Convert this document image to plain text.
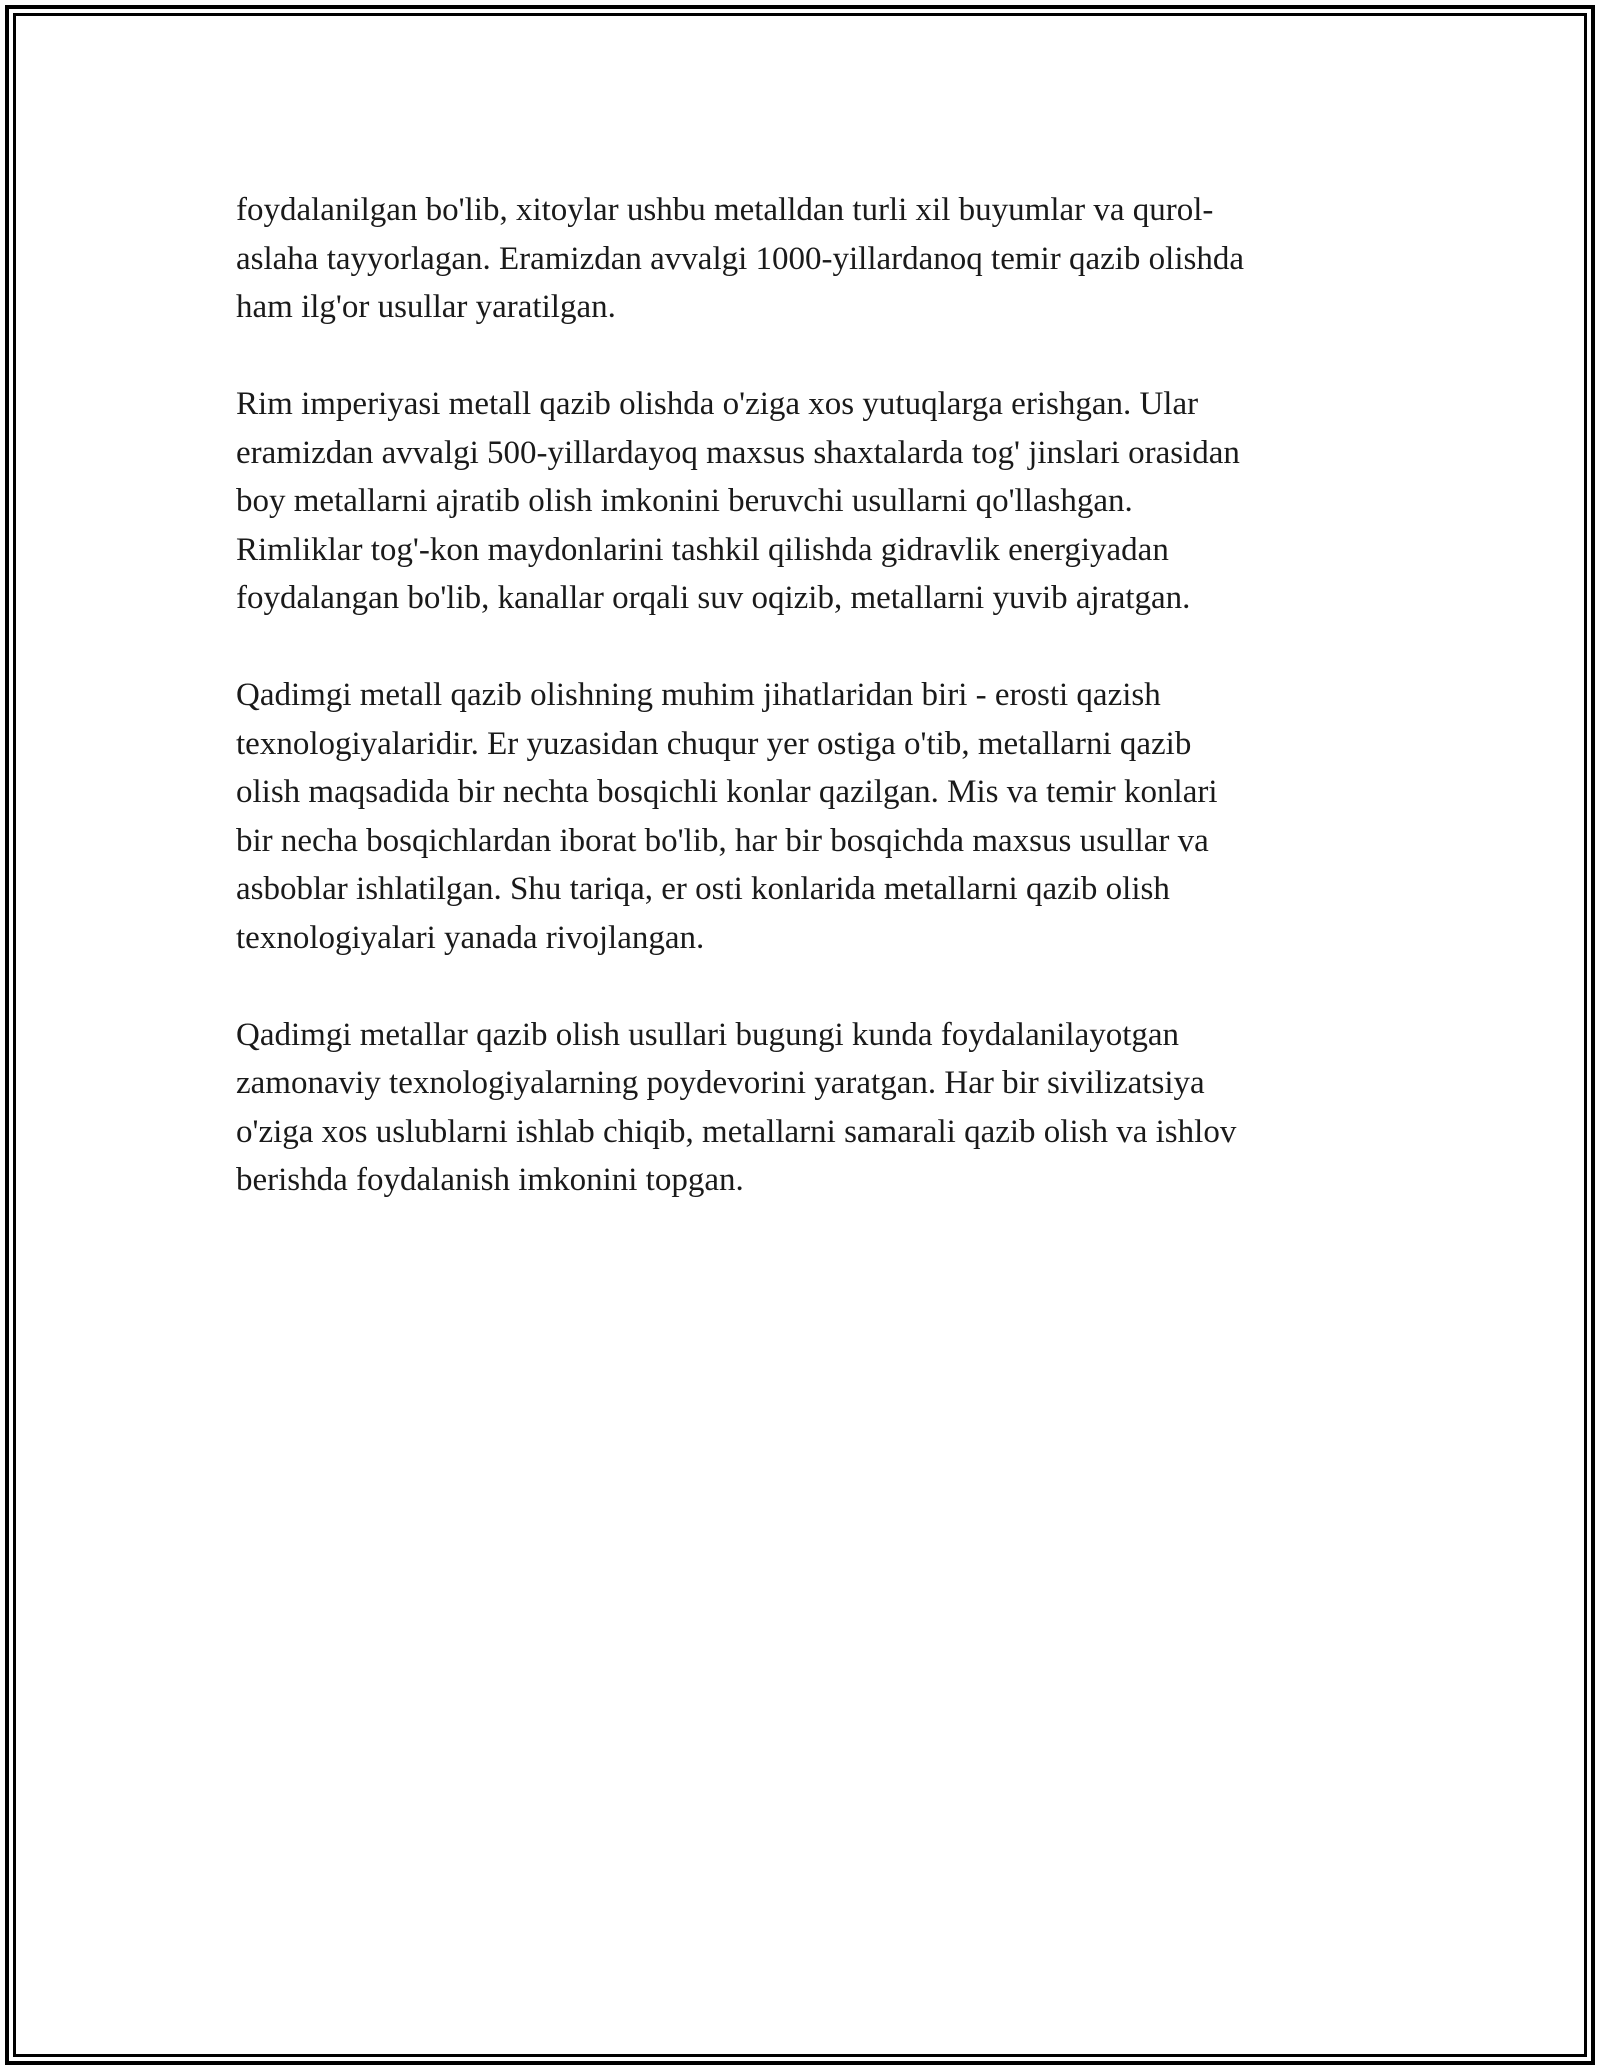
foydalanilgan bo'lib, xitoylar ushbu metalldan turli xil buyumlar va qurol-
aslaha tayyorlagan. Eramizdan avvalgi 1000-yillardanoq temir qazib olishda
ham ilg'or usullar yaratilgan.

Rim imperiyasi metall qazib olishda o'ziga xos yutuqlarga erishgan. Ular
eramizdan avvalgi 500-yillardayoq maxsus shaxtalarda tog' jinslari orasidan
boy metallarni ajratib olish imkonini beruvchi usullarni qo'llashgan.
Rimliklar tog'-kon maydonlarini tashkil qilishda gidravlik energiyadan
foydalangan bo'lib, kanallar orqali suv oqizib, metallarni yuvib ajratgan.

Qadimgi metall qazib olishning muhim jihatlaridan biri - erosti qazish
texnologiyalaridir. Er yuzasidan chuqur yer ostiga o'tib, metallarni qazib
olish maqsadida bir nechta bosqichli konlar qazilgan. Mis va temir konlari
bir necha bosqichlardan iborat bo'lib, har bir bosqichda maxsus usullar va
asboblar ishlatilgan. Shu tariqa, er osti konlarida metallarni qazib olish
texnologiyalari yanada rivojlangan.

Qadimgi metallar qazib olish usullari bugungi kunda foydalanilayotgan
zamonaviy texnologiyalarning poydevorini yaratgan. Har bir sivilizatsiya
o'ziga xos uslublarni ishlab chiqib, metallarni samarali qazib olish va ishlov
berishda foydalanish imkonini topgan.
